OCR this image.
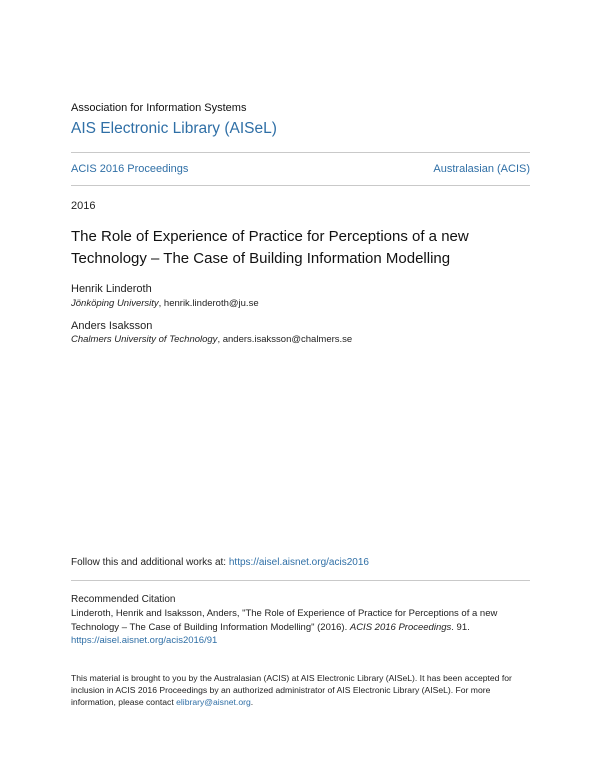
Association for Information Systems
AIS Electronic Library (AISeL)
ACIS 2016 Proceedings	Australasian (ACIS)
2016
The Role of Experience of Practice for Perceptions of a new
Technology – The Case of Building Information Modelling
Henrik Linderoth
Jönköping University, henrik.linderoth@ju.se
Anders Isaksson
Chalmers University of Technology, anders.isaksson@chalmers.se
Follow this and additional works at: https://aisel.aisnet.org/acis2016
Recommended Citation
Linderoth, Henrik and Isaksson, Anders, "The Role of Experience of Practice for Perceptions of a new Technology – The Case of Building Information Modelling" (2016). ACIS 2016 Proceedings. 91.
https://aisel.aisnet.org/acis2016/91
This material is brought to you by the Australasian (ACIS) at AIS Electronic Library (AISeL). It has been accepted for inclusion in ACIS 2016 Proceedings by an authorized administrator of AIS Electronic Library (AISeL). For more information, please contact elibrary@aisnet.org.
